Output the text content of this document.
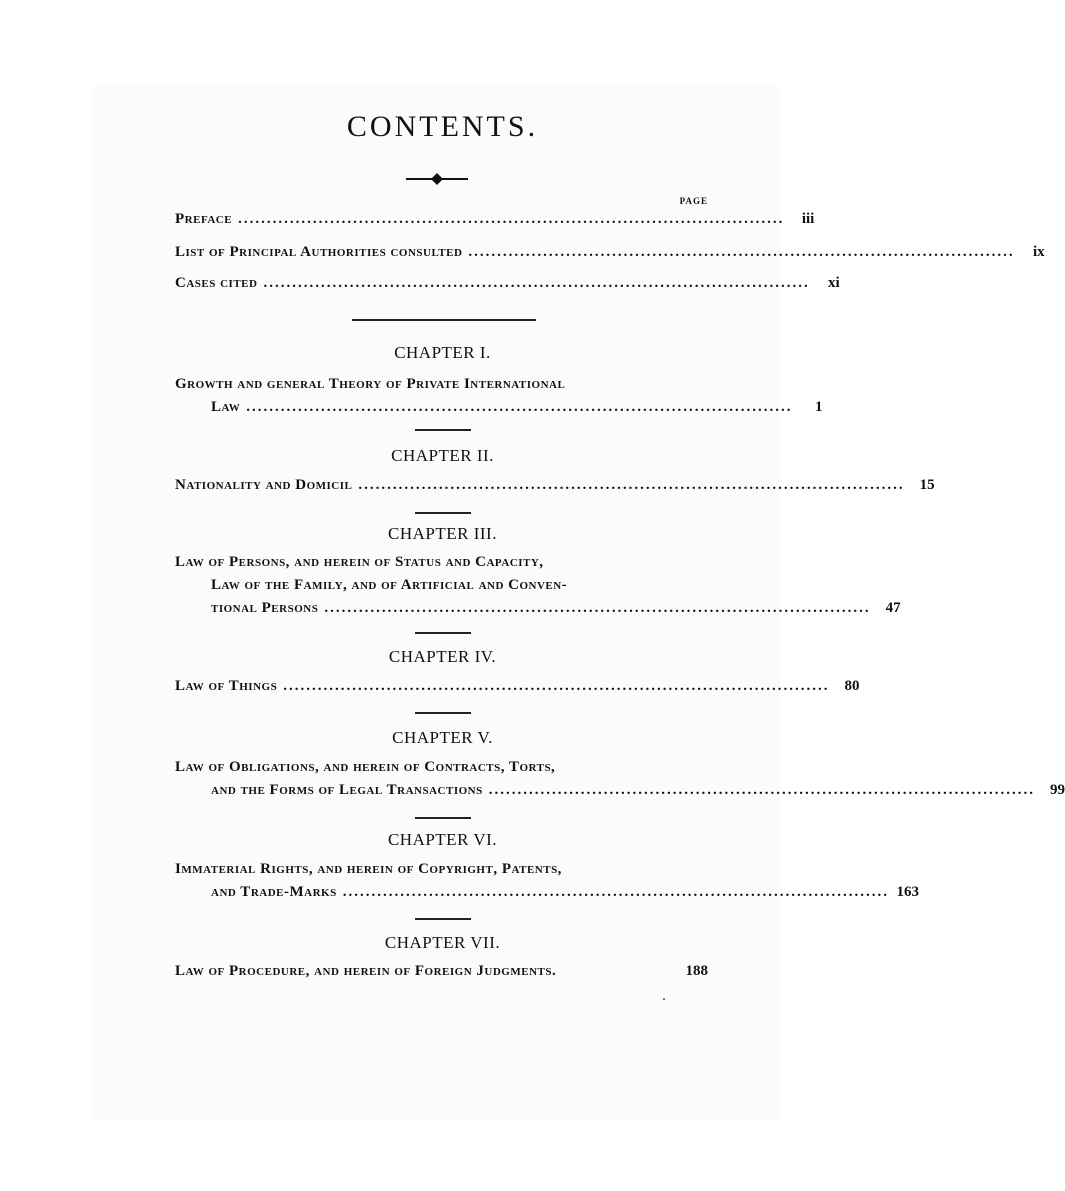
CONTENTS.
PAGE
Preface ...............................................................................................	iii
List of Principal Authorities consulted ...............................................................................................	ix
Cases cited ...............................................................................................	xi
CHAPTER I.
Growth and general Theory of Private International
Law ...............................................................................................	1
CHAPTER II.
Nationality and Domicil ...............................................................................................	15
CHAPTER III.
Law of Persons, and herein of Status and Capacity,
Law of the Family, and of Artificial and Conven-
tional Persons ...............................................................................................	47
CHAPTER IV.
Law of Things ...............................................................................................	80
CHAPTER V.
Law of Obligations, and herein of Contracts, Torts,
and the Forms of Legal Transactions ...............................................................................................	99
CHAPTER VI.
Immaterial Rights, and herein of Copyright, Patents,
and Trade-Marks ............................................................................................... 163
CHAPTER VII.
Law of Procedure, and herein of Foreign Judgments.	188
